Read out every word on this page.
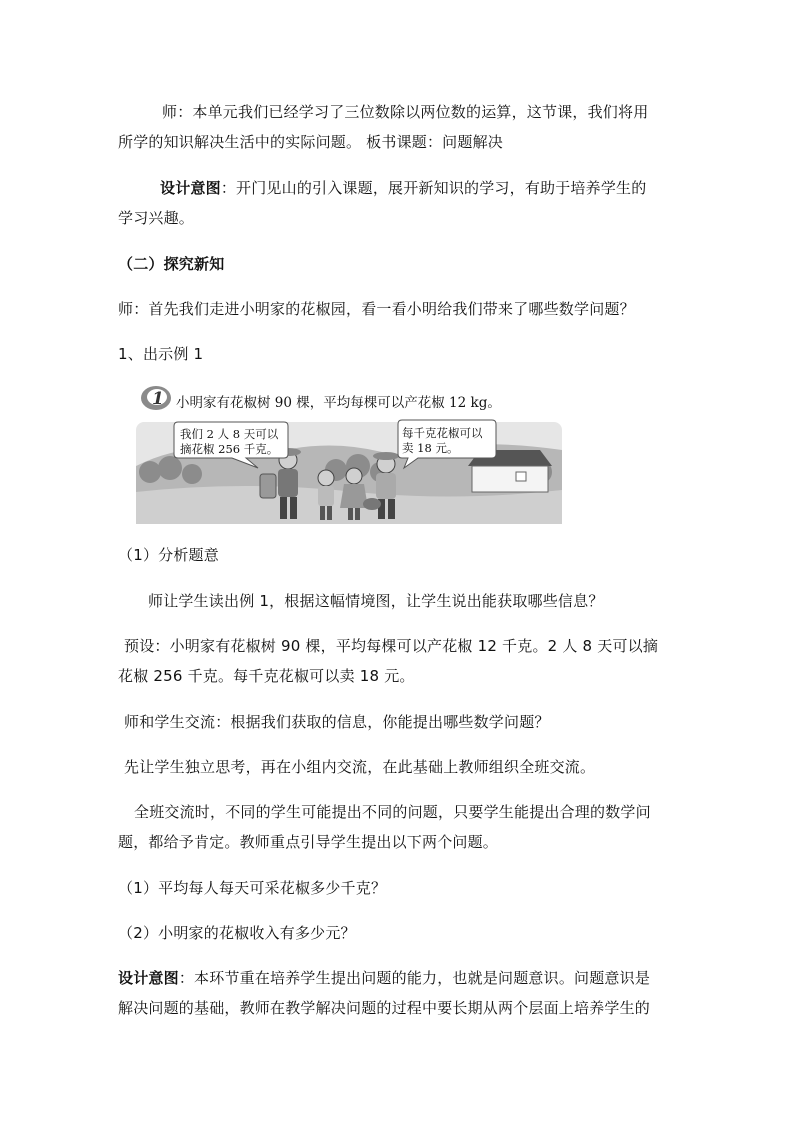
师：本单元我们已经学习了三位数除以两位数的运算，这节课，我们将用
所学的知识解决生活中的实际问题。 板书课题：问题解决
设计意图：开门见山的引入课题，展开新知识的学习，有助于培养学生的
学习兴趣。
（二）探究新知
师：首先我们走进小明家的花椒园，看一看小明给我们带来了哪些数学问题？
1、出示例 1
1 小明家有花椒树 90 棵，平均每棵可以产花椒 12 kg。
我们 2 人 8 天可以
摘花椒 256 千克。
每千克花椒可以
卖 18 元。
（1）分析题意
师让学生读出例 1，根据这幅情境图，让学生说出能获取哪些信息？
预设：小明家有花椒树 90 棵，平均每棵可以产花椒 12 千克。2 人 8 天可以摘
花椒 256 千克。每千克花椒可以卖 18 元。
师和学生交流：根据我们获取的信息，你能提出哪些数学问题？
先让学生独立思考，再在小组内交流，在此基础上教师组织全班交流。
全班交流时，不同的学生可能提出不同的问题，只要学生能提出合理的数学问
题，都给予肯定。教师重点引导学生提出以下两个问题。
（1）平均每人每天可采花椒多少千克？
（2）小明家的花椒收入有多少元？
设计意图：本环节重在培养学生提出问题的能力，也就是问题意识。问题意识是
解决问题的基础，教师在教学解决问题的过程中要长期从两个层面上培养学生的
